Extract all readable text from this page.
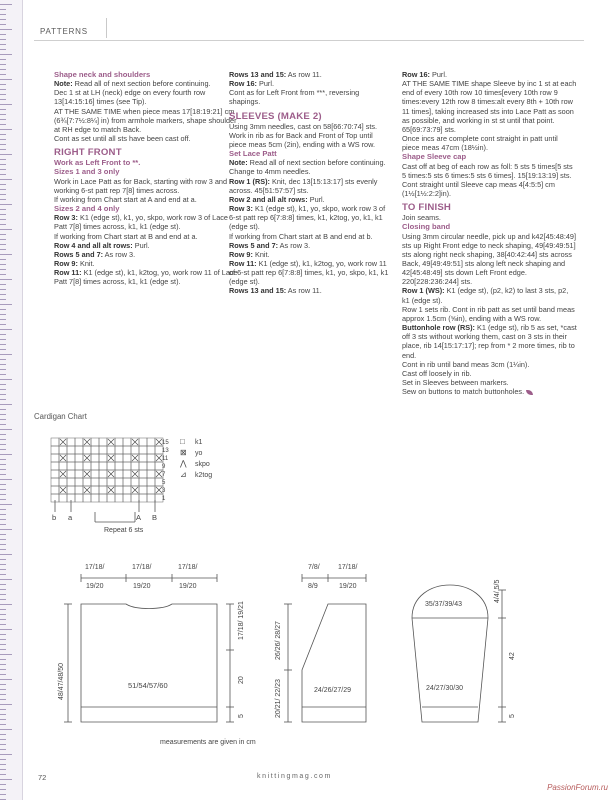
PATTERNS

Shape neck and shoulders

Note: Read all of next section before continuing.

Dec 1 st at LH (neck) edge on every fourth row 13[14:15:16] times (see Tip).

AT THE SAME TIME when piece meas 17[18:19:21] cm (6¾[7:7½:8¼] in) from armhole markers, shape shoulder at RH edge to match Back.

Cont as set until all sts have been cast off.

RIGHT FRONT

Work as Left Front to **.

Sizes 1 and 3 only

Work in Lace Patt as for Back, starting with row 3 and working 6-st patt rep 7[8] times across.

If working from Chart start at A and end at a.

Sizes 2 and 4 only

Row 3: K1 (edge st), k1, yo, skpo, work row 3 of Lace Patt 7[8] times across, k1, k1 (edge st).

If working from Chart start at B and end at a.

Row 4 and all alt rows: Purl.

Rows 5 and 7: As row 3.

Row 9: Knit.

Row 11: K1 (edge st), k1, k2tog, yo, work row 11 of Lace Patt 7[8] times across, k1, k1 (edge st).

Rows 13 and 15: As row 11.

Row 16: Purl.

Cont as for Left Front from ***, reversing shapings.

SLEEVES (MAKE 2)

Using 3mm needles, cast on 58[66:70:74] sts.

Work in rib as for Back and Front of Top until piece meas 5cm (2in), ending with a WS row.

Set Lace Patt

Note: Read all of next section before continuing.

Change to 4mm needles.

Row 1 (RS): Knit, dec 13[15:13:17] sts evenly across. 45[51:57:57] sts.

Row 2 and all alt rows: Purl.

Row 3: K1 (edge st), k1, yo, skpo, work row 3 of 6-st patt rep 6[7:8:8] times, k1, k2tog, yo, k1, k1 (edge st).

If working from Chart start at B and end at b.

Rows 5 and 7: As row 3.

Row 9: Knit.

Row 11: K1 (edge st), k1, k2tog, yo, work row 11 of 6-st patt rep 6[7:8:8] times, k1, yo, skpo, k1, k1 (edge st).

Rows 13 and 15: As row 11.

Row 16: Purl.

AT THE SAME TIME shape Sleeve by inc 1 st at each end of every 10th row 10 times[every 10th row 9 times:every 12th row 8 times:alt every 8th + 10th row 11 times], taking increased sts into Lace Patt as soon as possible, and working in st st until that point. 65[69:73:79] sts.

Once incs are complete cont straight in patt until piece meas 47cm (18½in).

Shape Sleeve cap

Cast off at beg of each row as foll: 5 sts 5 times[5 sts 5 times:5 sts 6 times:5 sts 6 times]. 15[19:13:19] sts.

Cont straight until Sleeve cap meas 4[4:5:5] cm (1½[1½:2:2]in).

TO FINISH

Join seams.

Closing band

Using 3mm circular needle, pick up and k42[45:48:49] sts up Right Front edge to neck shaping, 49[49:49:51] sts along right neck shaping, 38[40:42:44] sts across Back, 49[49:49:51] sts along left neck shaping and 42[45:48:49] sts down Left Front edge. 220[228:236:244] sts.

Row 1 (WS): K1 (edge st), (p2, k2) to last 3 sts, p2, k1 (edge st).

Row 1 sets rib. Cont in rib patt as set until band meas approx 1.5cm (⅝in), ending with a WS row.

Buttonhole row (RS): K1 (edge st), rib 5 as set, *cast off 3 sts without working them, cast on 3 sts in their place, rib 14[15:17:17]; rep from * 2 more times, rib to end.

Cont in rib until band meas 3cm (1¼in).

Cast off loosely in rib.

Set in Sleeves between markers.

Sew on buttons to match buttonholes.

Cardigan Chart
15
13
11
9
7
5
3
1
b a	A B
Repeat 6 sts
□ k1
⊠ yo
⋀ skpo
⊿ k2tog
17/18/
19/20
17/18/
19/20
17/18/
19/20
51/54/57/60
48/47/48/50
17/18/ 19/21
20
5
7/8/
8/9
17/18/
19/20
26/26/ 28/27
24/26/27/29
20/21/ 22/23
35/37/39/43
4/4/ 5/5
24/27/30/30
42
5
measurements are given in cm
72	knittingmag.com
PassionForum.ru
